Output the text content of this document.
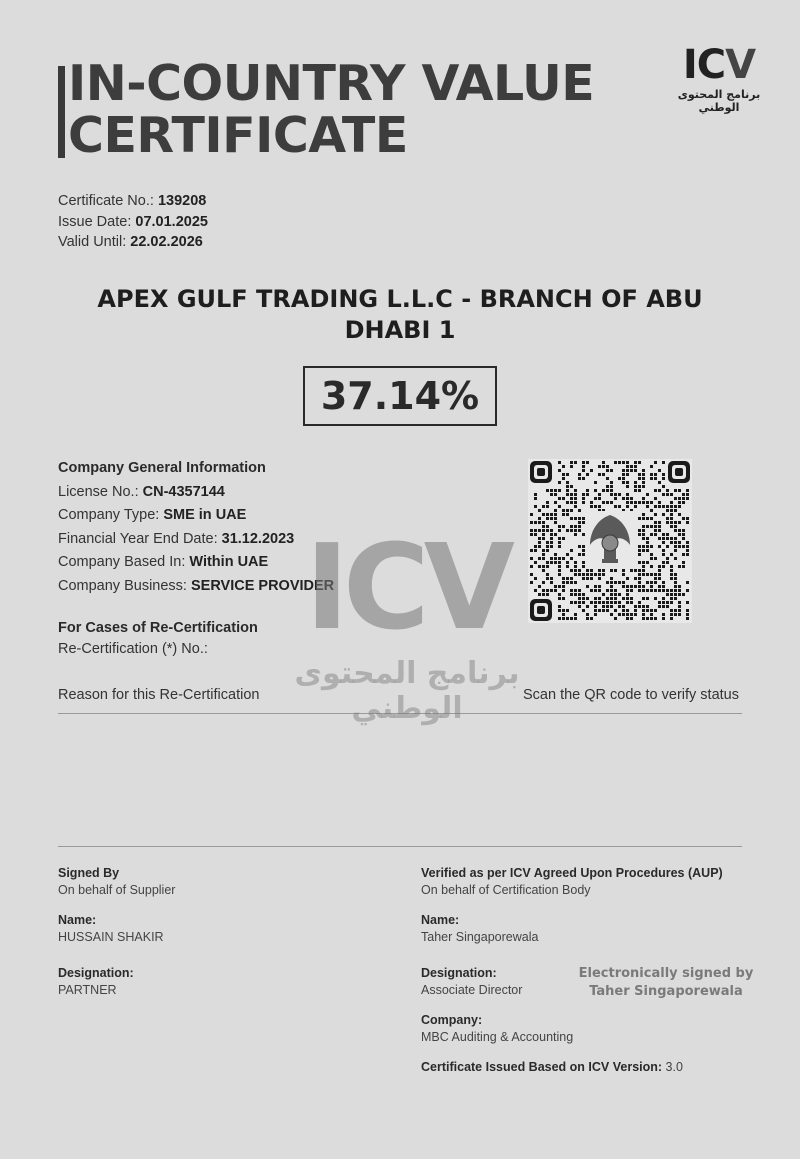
IN-COUNTRY VALUE
CERTIFICATE
ICV
برنامج المحتوى الوطني
Certificate No.: 139208
Issue Date: 07.01.2025
Valid Until: 22.02.2026
APEX GULF TRADING L.L.C - BRANCH OF ABU
DHABI 1
37.14%
Company General Information
License No.: CN-4357144
Company Type: SME in UAE
Financial Year End Date: 31.12.2023
Company Based In: Within UAE
Company Business: SERVICE PROVIDER
For Cases of Re-Certification
Re-Certification (*) No.:
Reason for this Re-Certification	Scan the QR code to verify status
ICV
برنامج المحتوى الوطني
Signed By
On behalf of Supplier
Name:
HUSSAIN SHAKIR
Designation:
PARTNER
Verified as per ICV Agreed Upon Procedures (AUP)
On behalf of Certification Body
Name:
Taher Singaporewala
Designation:
Associate Director
Company:
MBC Auditing & Accounting
Certificate Issued Based on ICV Version: 3.0
Electronically signed by
Taher Singaporewala
